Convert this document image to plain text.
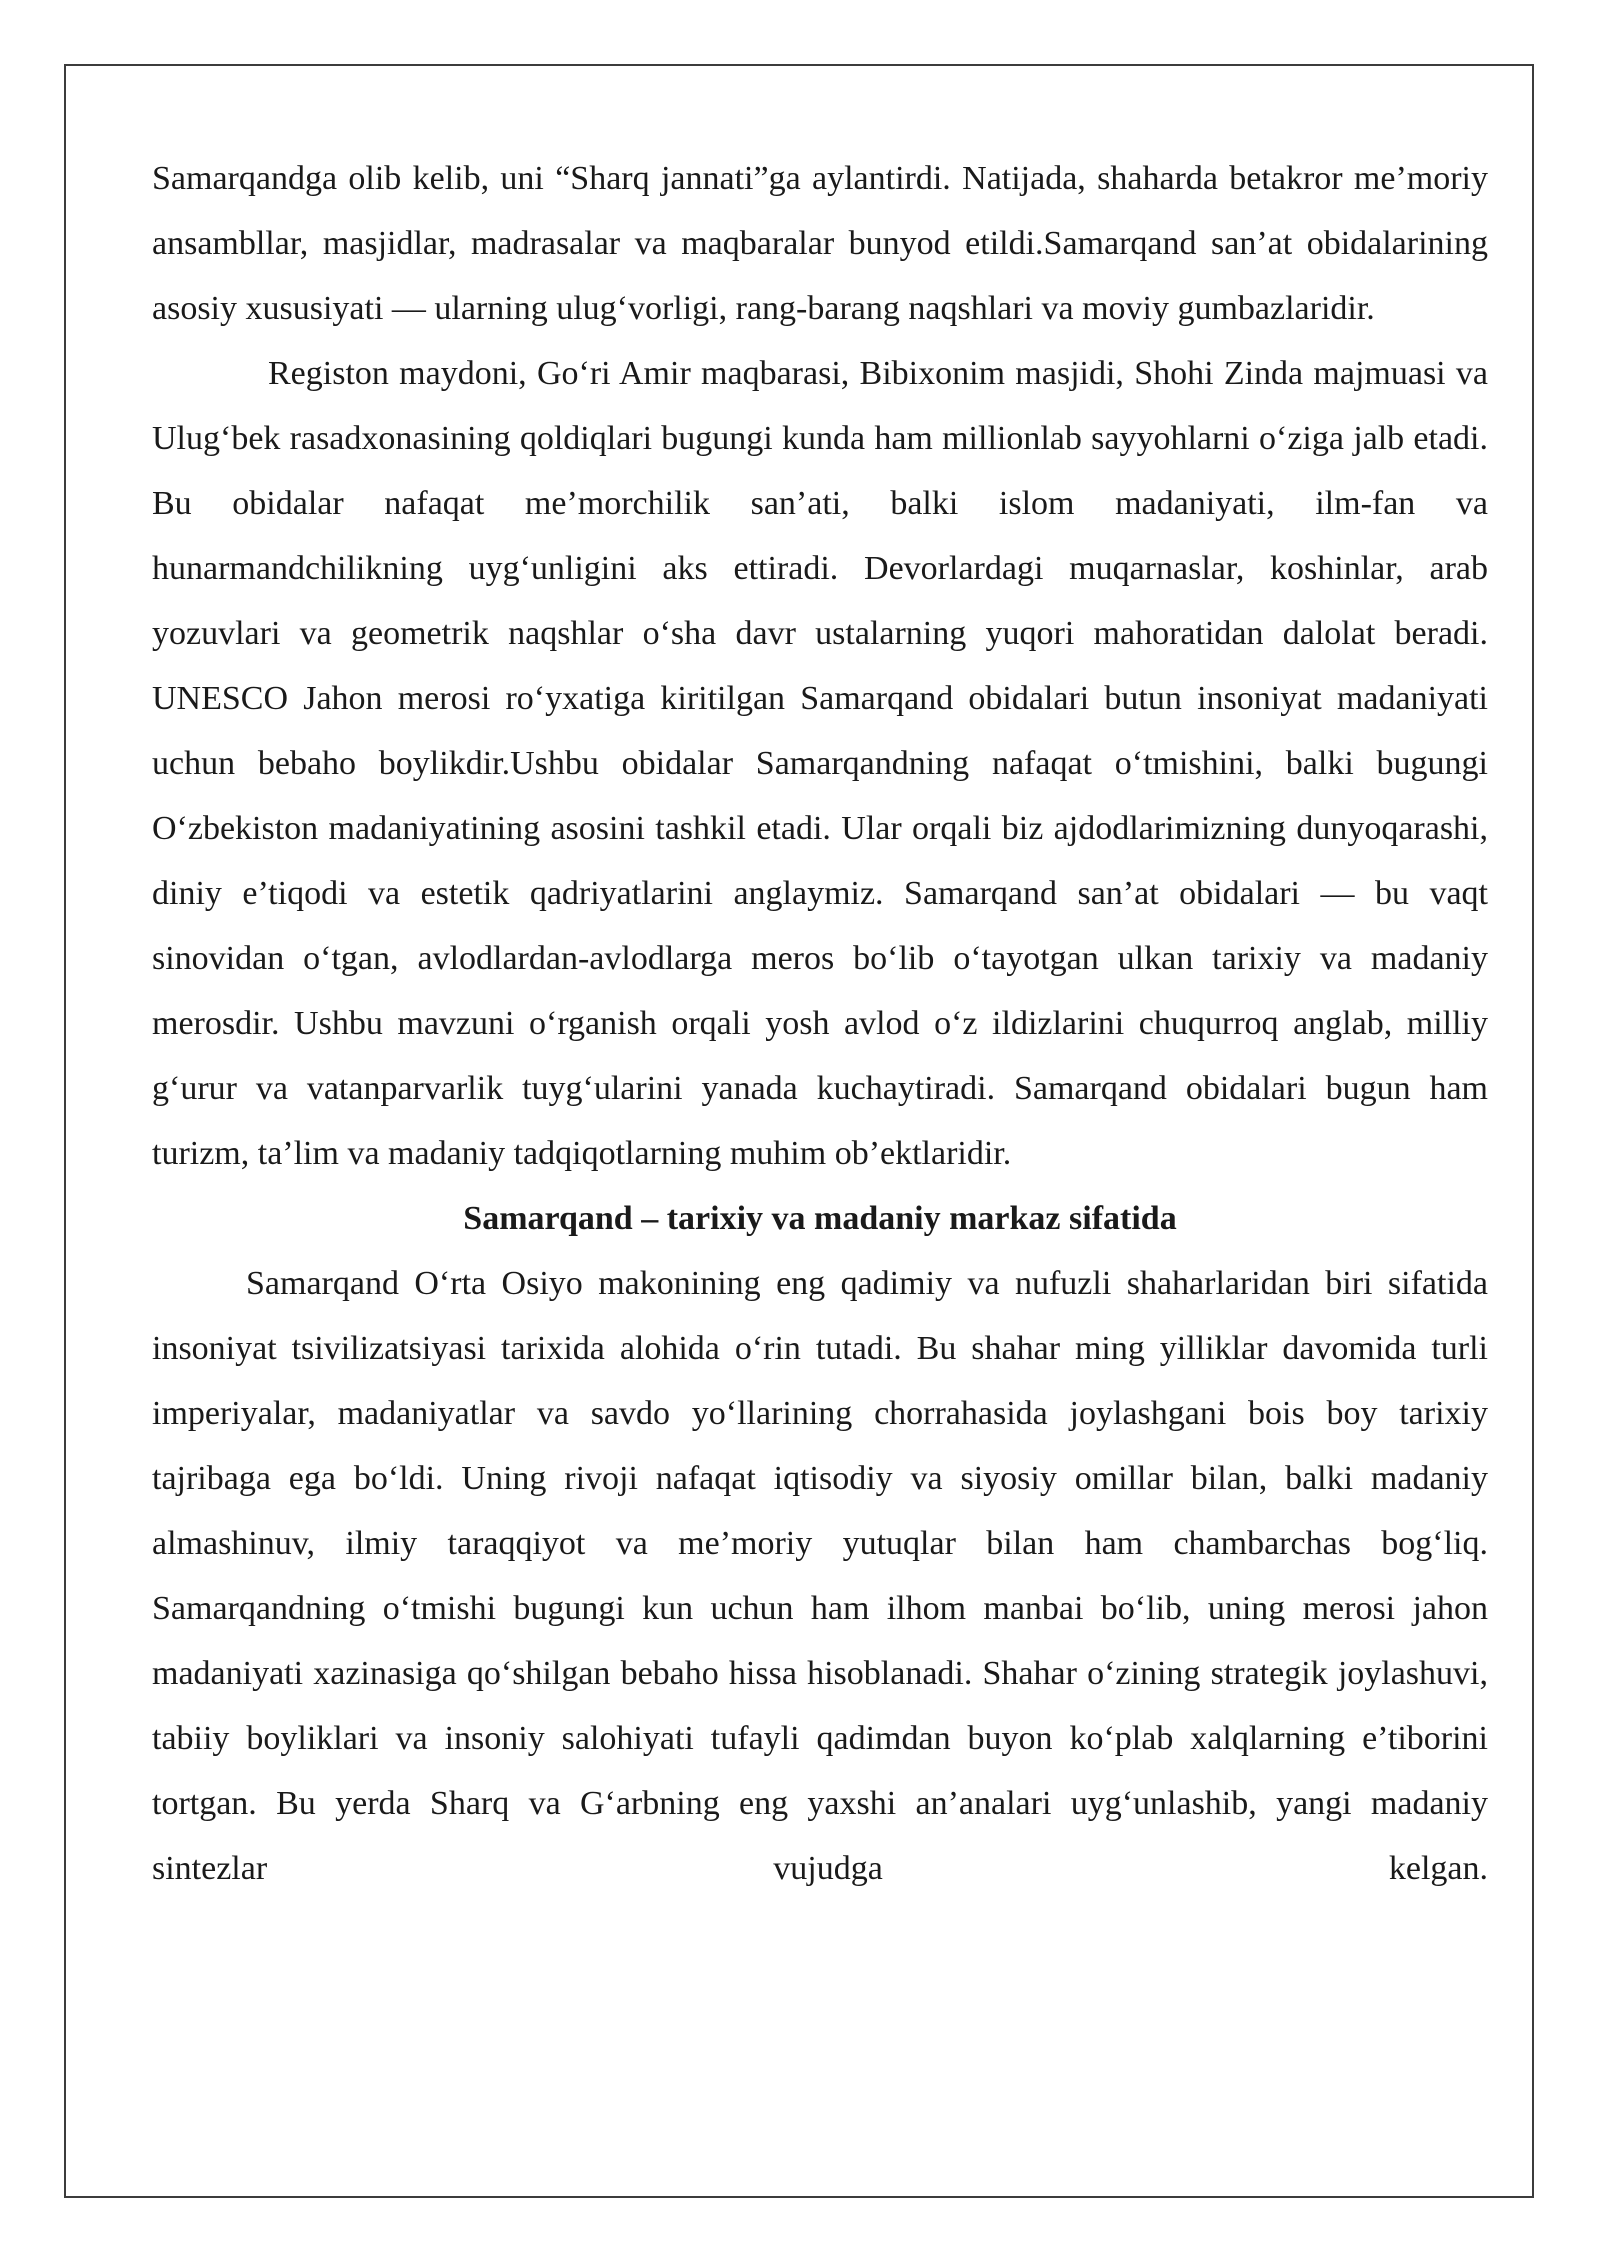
Samarqandga olib kelib, uni “Sharq jannati”ga aylantirdi. Natijada, shaharda betakror me’moriy ansambllar, masjidlar, madrasalar va maqbaralar bunyod etildi.Samarqand san’at obidalarining asosiy xususiyati — ularning ulug‘vorligi, rang-barang naqshlari va moviy gumbazlaridir.

Registon maydoni, Go‘ri Amir maqbarasi, Bibixonim masjidi, Shohi Zinda majmuasi va Ulug‘bek rasadxonasining qoldiqlari bugungi kunda ham millionlab sayyohlarni o‘ziga jalb etadi. Bu obidalar nafaqat me’morchilik san’ati, balki islom madaniyati, ilm-fan va hunarmandchilikning uyg‘unligini aks ettiradi. Devorlardagi muqarnaslar, koshinlar, arab yozuvlari va geometrik naqshlar o‘sha davr ustalarning yuqori mahoratidan dalolat beradi. UNESCO Jahon merosi ro‘yxatiga kiritilgan Samarqand obidalari butun insoniyat madaniyati uchun bebaho boylikdir.Ushbu obidalar Samarqandning nafaqat o‘tmishini, balki bugungi O‘zbekiston madaniyatining asosini tashkil etadi. Ular orqali biz ajdodlarimizning dunyoqarashi, diniy e’tiqodi va estetik qadriyatlarini anglaymiz. Samarqand san’at obidalari — bu vaqt sinovidan o‘tgan, avlodlardan-avlodlarga meros bo‘lib o‘tayotgan ulkan tarixiy va madaniy merosdir. Ushbu mavzuni o‘rganish orqali yosh avlod o‘z ildizlarini chuqurroq anglab, milliy g‘urur va vatanparvarlik tuyg‘ularini yanada kuchaytiradi. Samarqand obidalari bugun ham turizm, ta’lim va madaniy tadqiqotlarning muhim ob’ektlaridir.

Samarqand – tarixiy va madaniy markaz sifatida

Samarqand O‘rta Osiyo makonining eng qadimiy va nufuzli shaharlaridan biri sifatida insoniyat tsivilizatsiyasi tarixida alohida o‘rin tutadi. Bu shahar ming yilliklar davomida turli imperiyalar, madaniyatlar va savdo yo‘llarining chorrahasida joylashgani bois boy tarixiy tajribaga ega bo‘ldi. Uning rivoji nafaqat iqtisodiy va siyosiy omillar bilan, balki madaniy almashinuv, ilmiy taraqqiyot va me’moriy yutuqlar bilan ham chambarchas bog‘liq. Samarqandning o‘tmishi bugungi kun uchun ham ilhom manbai bo‘lib, uning merosi jahon madaniyati xazinasiga qo‘shilgan bebaho hissa hisoblanadi. Shahar o‘zining strategik joylashuvi, tabiiy boyliklari va insoniy salohiyati tufayli qadimdan buyon ko‘plab xalqlarning e’tiborini tortgan. Bu yerda Sharq va G‘arbning eng yaxshi an’analari uyg‘unlashib, yangi madaniy sintezlar vujudga kelgan.
